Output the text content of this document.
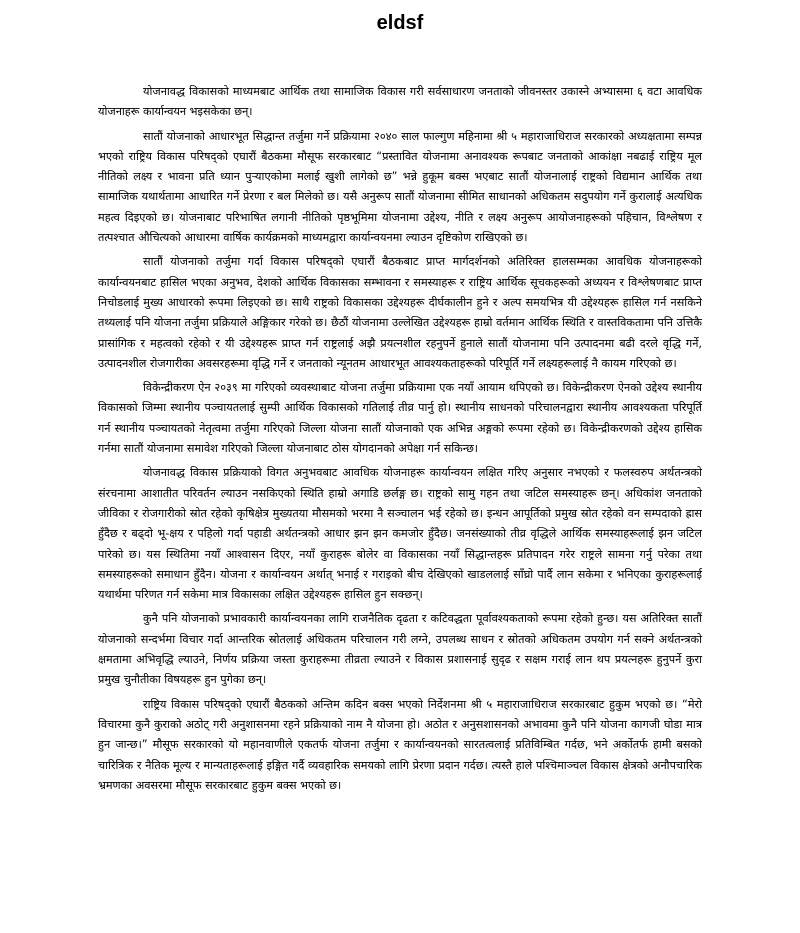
eldsf

योजनावद्ध विकासको माध्यमबाट आर्थिक तथा सामाजिक विकास गरी सर्वसाधारण जनताको जीवनस्तर उकास्ने अभ्यासमा ६ वटा आवधिक योजनाहरू कार्यान्वयन भइसकेका छन्।

सातौं योजनाको आधारभूत सिद्धान्त तर्जुमा गर्ने प्रक्रियामा २०४० साल फाल्गुण महिनामा श्री ५ महाराजाधिराज सरकारको अध्यक्षतामा सम्पन्न भएको राष्ट्रिय विकास परिषद्को एघारौं बैठकमा मौसूफ सरकारबाट “प्रस्तावित योजनामा अनावश्यक रूपबाट जनताको आकांक्षा नबढाई राष्ट्रिय मूल नीतिको लक्ष्य र भावना प्रति ध्यान पुर्‍याएकोमा मलाई खुशी लागेको छ” भन्ने हुकूम बक्स भएबाट सातौं योजनालाई राष्ट्रको विद्यमान आर्थिक तथा सामाजिक यथार्थतामा आधारित गर्ने प्रेरणा र बल मिलेको छ। यसै अनुरूप सातौं योजनामा सीमित साधानको अधिकतम सदुपयोग गर्ने कुरालाई अत्यधिक महत्व दिइएको छ। योजनाबाट परिभाषित लगानी नीतिको पृष्ठभूमिमा योजनामा उद्देश्य, नीति र लक्ष्य अनुरूप आयोजनाहरूको पहिचान, विश्लेषण र तत्पश्चात औचित्यको आधारमा वार्षिक कार्यक्रमको माध्यमद्वारा कार्यान्वयनमा ल्याउन दृष्टिकोण राखिएको छ।

सातौं योजनाको तर्जुमा गर्दा विकास परिषद्को एघारौं बैठकबाट प्राप्त मार्गदर्शनको अतिरिक्त हालसम्मका आवधिक योजनाहरूको कार्यान्वयनबाट हासिल भएका अनुभव, देशको आर्थिक विकासका सम्भावना र समस्याहरू र राष्ट्रिय आर्थिक सूचकहरूको अध्ययन र विश्लेषणबाट प्राप्त निचोडलाई मुख्य आधारको रूपमा लिइएको छ। साथै राष्ट्रको विकासका उद्देश्यहरू दीर्घकालीन हुने र अल्प समयभित्र यी उद्देश्यहरू हासिल गर्न नसकिने तथ्यलाई पनि योजना तर्जुमा प्रक्रियाले अङ्गिकार गरेको छ। छैठौं योजनामा उल्लेखित उद्देश्यहरू हाम्रो वर्तमान आर्थिक स्थिति र वास्तविकतामा पनि उत्तिकै प्रासांगिक र महत्वको रहेको र यी उद्देश्यहरू प्राप्त गर्न राष्ट्रलाई अझै प्रयत्नशील रहनुपर्ने हुनाले सातौं योजनामा पनि उत्पादनमा बढी दरले वृद्धि गर्ने, उत्पादनशील रोजगारीका अवसरहरूमा वृद्धि गर्ने र जनताको न्यूनतम आधारभूत आवश्यकताहरूको परिपूर्ति गर्ने लक्ष्यहरूलाई नै कायम गरिएको छ।

विकेन्द्रीकरण ऐन २०३९ मा गरिएको व्यवस्थाबाट योजना तर्जुमा प्रक्रियामा एक नयाँ आयाम थपिएको छ। विकेन्द्रीकरण ऐनको उद्देश्य स्थानीय विकासको जिम्मा स्थानीय पञ्चायतलाई सुम्पी आर्थिक विकासको गतिलाई तीव्र पार्नु हो। स्थानीय साधनको परिचालनद्वारा स्थानीय आवश्यकता परिपूर्ति गर्न स्थानीय पञ्चायतको नेतृत्वमा तर्जुमा गरिएको जिल्ला योजना सातौं योजनाको एक अभिन्न अङ्गको रूपमा रहेको छ। विकेन्द्रीकरणको उद्देश्य हासिक गर्नमा सातौं योजनामा समावेश गरिएको जिल्ला योजनाबाट ठोस योगदानको अपेक्षा गर्न सकिन्छ।

योजनावद्ध विकास प्रक्रियाको विगत अनुभवबाट आवधिक योजनाहरू कार्यान्वयन लक्षित गरिए अनुसार नभएको र फलस्वरुप अर्थतन्त्रको संरचनामा आशातीत परिवर्तन ल्याउन नसकिएको स्थिति हाम्रो अगाडि छर्लङ्ग छ। राष्ट्रको सामु गहन तथा जटिल समस्याहरू छन्। अधिकांश जनताको जीविका र रोजगारीको स्रोत रहेको कृषिक्षेत्र मुख्यतया मौसमको भरमा नै सञ्चालन भई रहेको छ। इन्धन आपूर्तिको प्रमुख स्रोत रहेको वन सम्पदाको ह्रास हुँदैछ र बढ्दो भू-क्षय र पहिलो गर्दा पहाडी अर्थतन्त्रको आधार झन झन कमजोर हुँदैछ। जनसंख्याको तीव्र वृद्धिले आर्थिक समस्याहरूलाई झन जटिल पारेको छ। यस स्थितिमा नयाँ आश्वासन दिएर, नयाँ कुराहरू बोलेर वा विकासका नयाँ सिद्धान्तहरू प्रतिपादन गरेर राष्ट्रले सामना गर्नु परेका तथा समस्याहरूको समाधान हुँदैन। योजना र कार्यान्वयन अर्थात् भनाई र गराइको बीच देखिएको खाडललाई साँघ्रो पार्दै लान सकेमा र भनिएका कुराहरूलाई यथार्थमा परिणत गर्न सकेमा मात्र विकासका लक्षित उद्देश्यहरू हासिल हुन सक्छन्।

कुनै पनि योजनाको प्रभावकारी कार्यान्वयनका लागि राजनैतिक दृढता र कटिवद्धता पूर्वावश्यकताको रूपमा रहेको हुन्छ। यस अतिरिक्त सातौं योजनाको सन्दर्भमा विचार गर्दा आन्तरिक स्रोतलाई अधिकतम परिचालन गरी लग्ने, उपलब्ध साधन र स्रोतको अधिकतम उपयोग गर्न सक्ने अर्थतन्त्रको क्षमतामा अभिवृद्धि ल्याउने, निर्णय प्रक्रिया जस्ता कुराहरूमा तीव्रता ल्याउने र विकास प्रशासनाई सुदृढ र सक्षम गराई लान थप प्रयत्नहरू हुनुपर्ने कुरा प्रमुख चुनौतीका विषयहरू हुन पुगेका छन्।

राष्ट्रिय विकास परिषद्को एघारौं बैठकको अन्तिम कदिन बक्स भएको निर्देशनमा श्री ५ महाराजाधिराज सरकारबाट हुकुम भएको छ। “मेरो विचारमा कुनै कुराको अठोट् गरी अनुशासनमा रहने प्रक्रियाको नाम नै योजना हो। अठोत र अनुसशासनको अभावमा कुनै पनि योजना कागजी घोडा मात्र हुन जान्छ।” मौसूफ सरकारको यो महानवाणीले एकतर्फ योजना तर्जुमा र कार्यान्वयनको सारतत्वलाई प्रतिविम्बित गर्दछ, भने अर्कोतर्फ हामी बसको चारित्रिक र नैतिक मूल्य र मान्यताहरूलाई इङ्गित गर्दै व्यवहारिक समयको लागि प्रेरणा प्रदान गर्दछ। त्यस्तै हाले पश्चिमाञ्चल विकास क्षेत्रको अनौपचारिक भ्रमणका अवसरमा मौसूफ सरकारबाट हुकुम बक्स भएको छ।
